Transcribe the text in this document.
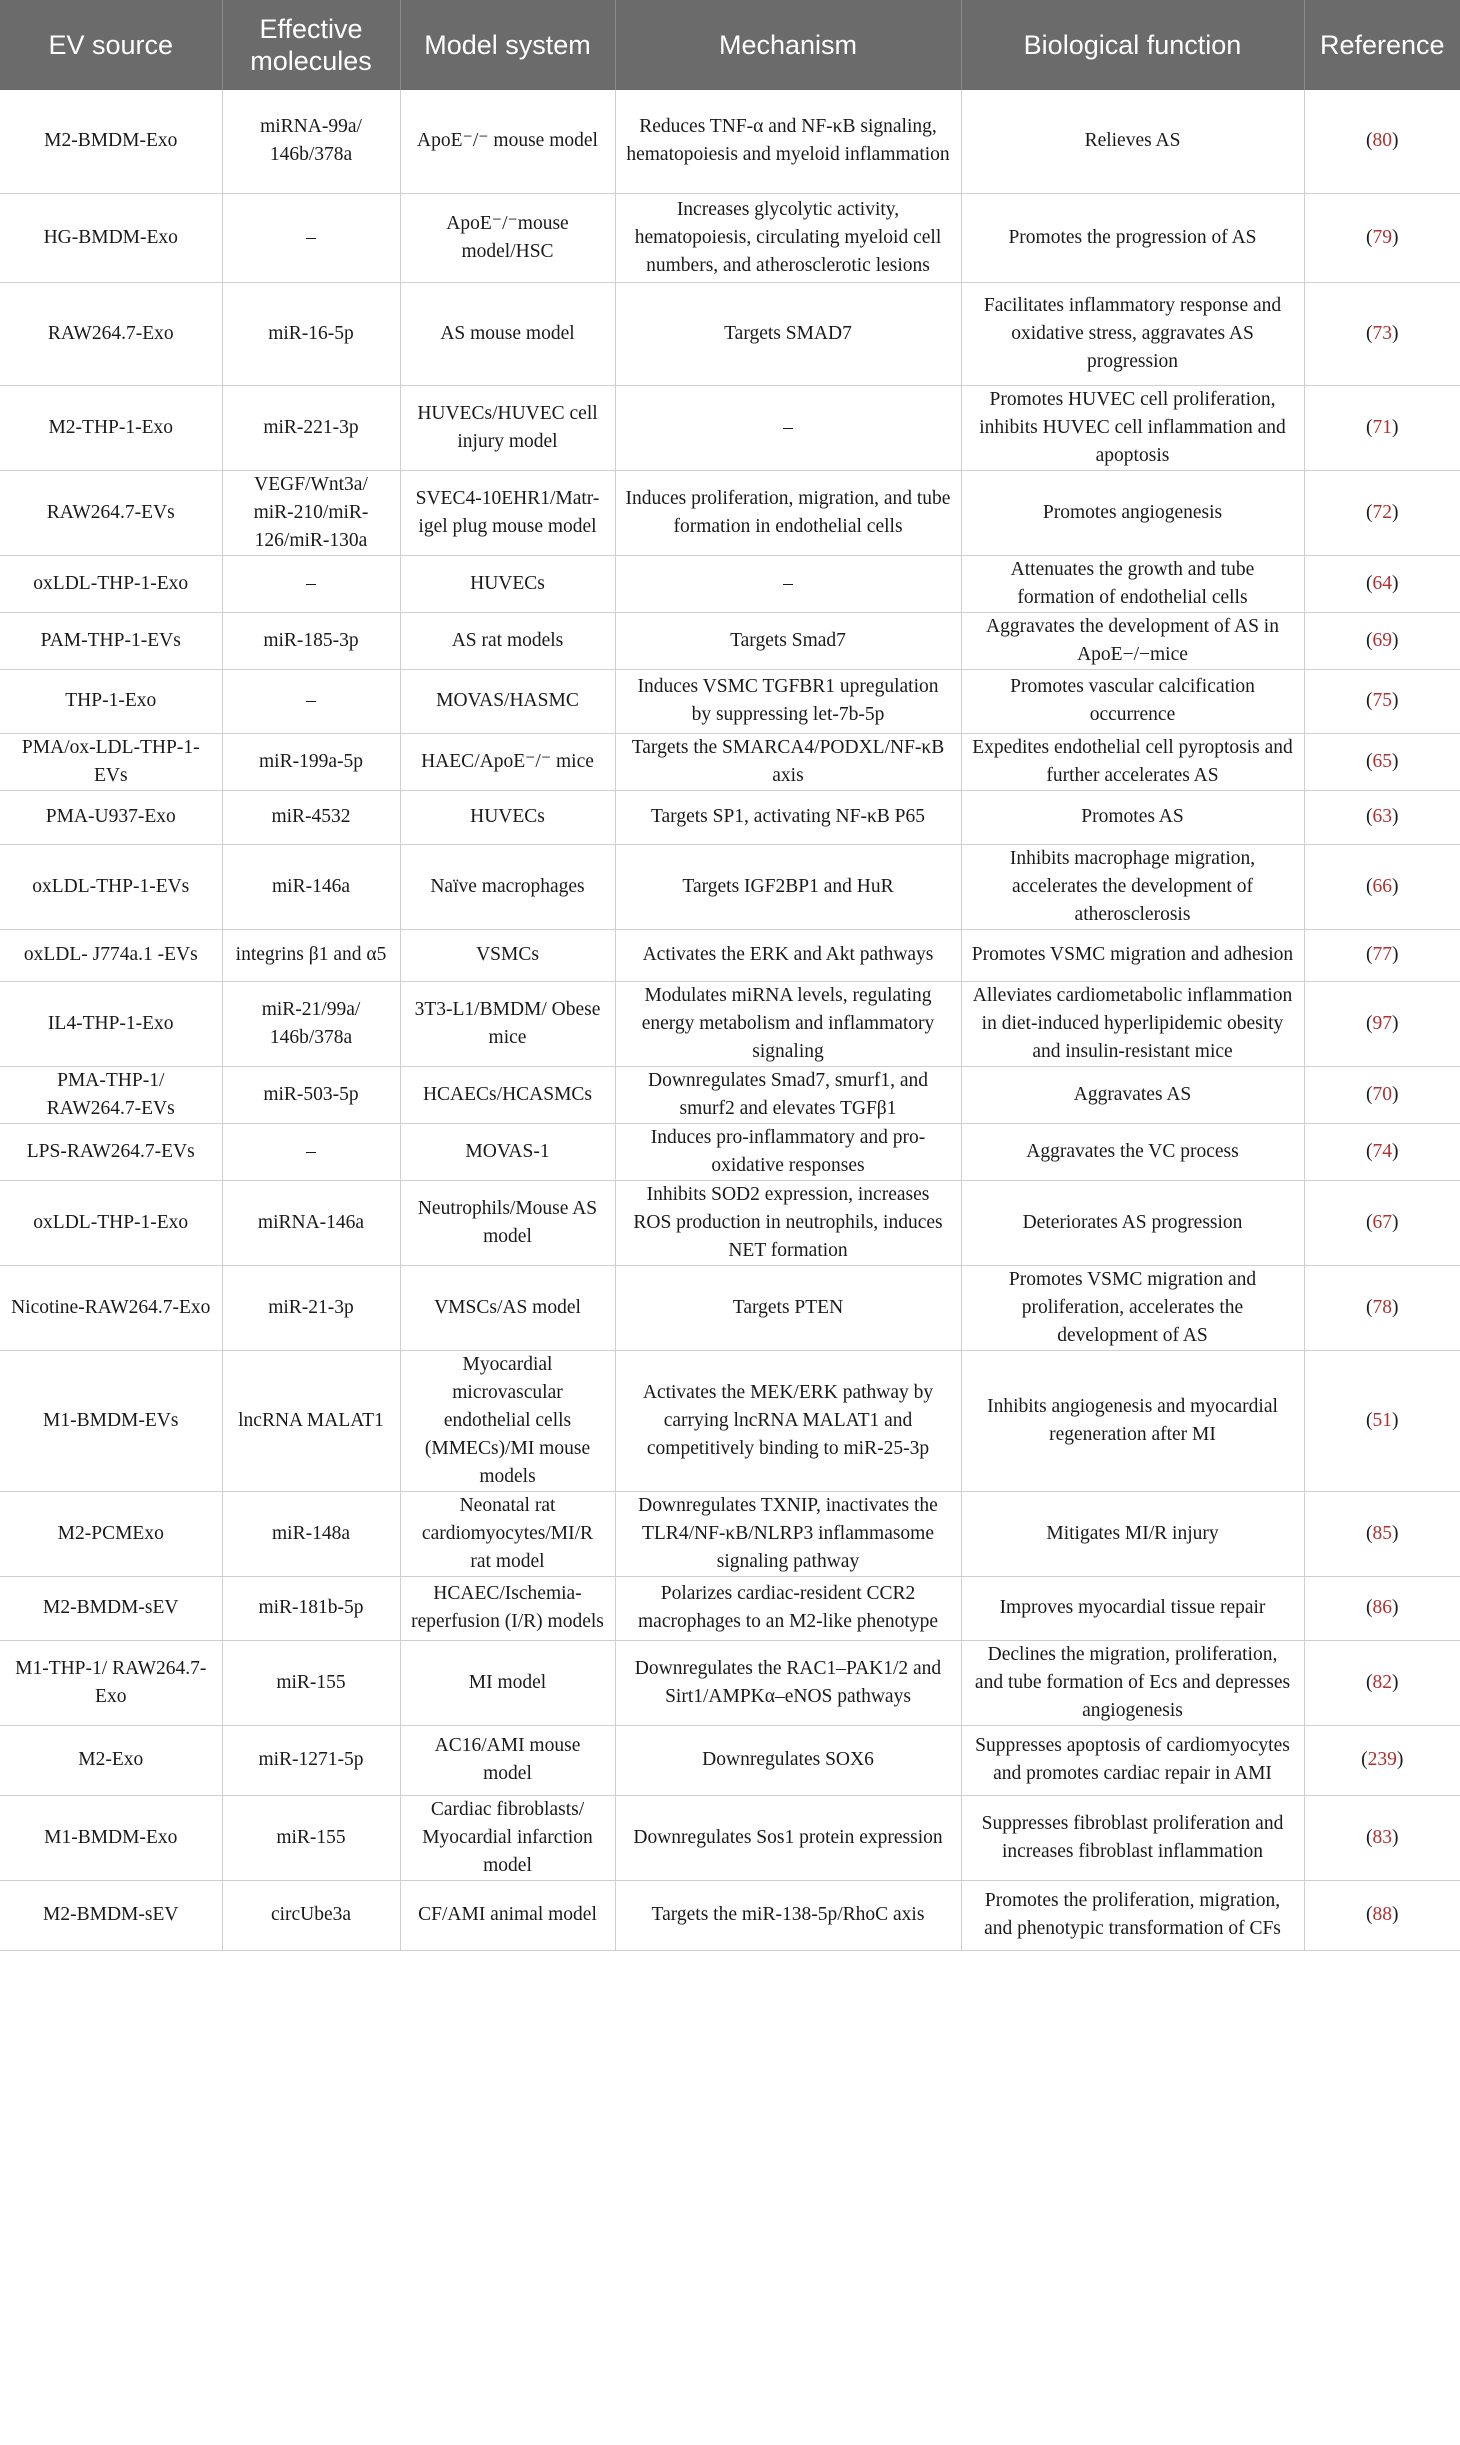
EV source	Effective molecules	Model system	Mechanism	Biological function	Reference
M2-BMDM-Exo	miRNA-99a/ 146b/378a	ApoE⁻/⁻ mouse model	Reduces TNF-α and NF-κB signaling, hematopoiesis and myeloid inflammation	Relieves AS	(80)
HG-BMDM-Exo	–	ApoE⁻/⁻mouse model/HSC	Increases glycolytic activity, hematopoiesis, circulating myeloid cell numbers, and atherosclerotic lesions	Promotes the progression of AS	(79)
RAW264.7-Exo	miR-16-5p	AS mouse model	Targets SMAD7	Facilitates inflammatory response and oxidative stress, aggravates AS progression	(73)
M2-THP-1-Exo	miR-221-3p	HUVECs/HUVEC cell injury model	–	Promotes HUVEC cell proliferation, inhibits HUVEC cell inflammation and apoptosis	(71)
RAW264.7-EVs	VEGF/Wnt3a/ miR-210/miR-126/miR-130a	SVEC4-10EHR1/Matr-igel plug mouse model	Induces proliferation, migration, and tube formation in endothelial cells	Promotes angiogenesis	(72)
oxLDL-THP-1-Exo	–	HUVECs	–	Attenuates the growth and tube formation of endothelial cells	(64)
PAM-THP-1-EVs	miR-185-3p	AS rat models	Targets Smad7	Aggravates the development of AS in ApoE−/−mice	(69)
THP-1-Exo	–	MOVAS/HASMC	Induces VSMC TGFBR1 upregulation by suppressing let-7b-5p	Promotes vascular calcification occurrence	(75)
PMA/ox-LDL-THP-1-EVs	miR-199a-5p	HAEC/ApoE⁻/⁻ mice	Targets the SMARCA4/PODXL/NF-κB axis	Expedites endothelial cell pyroptosis and further accelerates AS	(65)
PMA-U937-Exo	miR-4532	HUVECs	Targets SP1, activating NF-κB P65	Promotes AS	(63)
oxLDL-THP-1-EVs	miR-146a	Naïve macrophages	Targets IGF2BP1 and HuR	Inhibits macrophage migration, accelerates the development of atherosclerosis	(66)
oxLDL- J774a.1 -EVs	integrins β1 and α5	VSMCs	Activates the ERK and Akt pathways	Promotes VSMC migration and adhesion	(77)
IL4-THP-1-Exo	miR-21/99a/ 146b/378a	3T3-L1/BMDM/ Obese mice	Modulates miRNA levels, regulating energy metabolism and inflammatory signaling	Alleviates cardiometabolic inflammation in diet-induced hyperlipidemic obesity and insulin-resistant mice	(97)
PMA-THP-1/ RAW264.7-EVs	miR-503-5p	HCAECs/HCASMCs	Downregulates Smad7, smurf1, and smurf2 and elevates TGFβ1	Aggravates AS	(70)
LPS-RAW264.7-EVs	–	MOVAS-1	Induces pro-inflammatory and pro-oxidative responses	Aggravates the VC process	(74)
oxLDL-THP-1-Exo	miRNA-146a	Neutrophils/Mouse AS model	Inhibits SOD2 expression, increases ROS production in neutrophils, induces NET formation	Deteriorates AS progression	(67)
Nicotine-RAW264.7-Exo	miR-21-3p	VMSCs/AS model	Targets PTEN	Promotes VSMC migration and proliferation, accelerates the development of AS	(78)
M1-BMDM-EVs	lncRNA MALAT1	Myocardial microvascular endothelial cells (MMECs)/MI mouse models	Activates the MEK/ERK pathway by carrying lncRNA MALAT1 and competitively binding to miR-25-3p	Inhibits angiogenesis and myocardial regeneration after MI	(51)
M2-PCMExo	miR-148a	Neonatal rat cardiomyocytes/MI/R rat model	Downregulates TXNIP, inactivates the TLR4/NF-κB/NLRP3 inflammasome signaling pathway	Mitigates MI/R injury	(85)
M2-BMDM-sEV	miR-181b-5p	HCAEC/Ischemia-reperfusion (I/R) models	Polarizes cardiac-resident CCR2 macrophages to an M2-like phenotype	Improves myocardial tissue repair	(86)
M1-THP-1/ RAW264.7-Exo	miR-155	MI model	Downregulates the RAC1–PAK1/2 and Sirt1/AMPKα–eNOS pathways	Declines the migration, proliferation, and tube formation of Ecs and depresses angiogenesis	(82)
M2-Exo	miR-1271-5p	AC16/AMI mouse model	Downregulates SOX6	Suppresses apoptosis of cardiomyocytes and promotes cardiac repair in AMI	(239)
M1-BMDM-Exo	miR-155	Cardiac fibroblasts/ Myocardial infarction model	Downregulates Sos1 protein expression	Suppresses fibroblast proliferation and increases fibroblast inflammation	(83)
M2-BMDM-sEV	circUbe3a	CF/AMI animal model	Targets the miR-138-5p/RhoC axis	Promotes the proliferation, migration, and phenotypic transformation of CFs	(88)
